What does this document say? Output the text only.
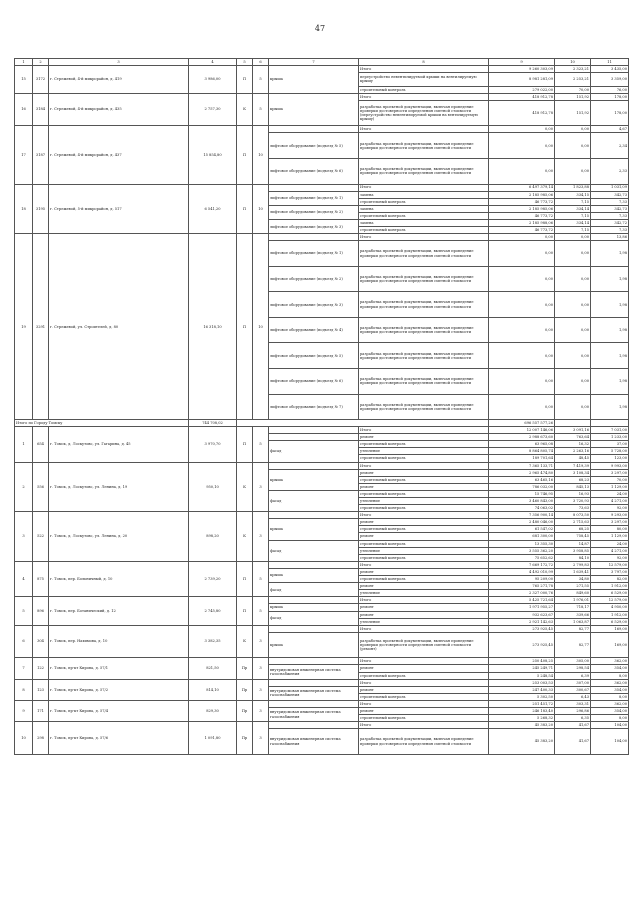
47
1	2	3	4	5	6	7	8	9	10	11
15	3172	г. Стрежевой, 4-й микрорайон, д. 419	3 986,00	П	5	крыша	Итого	9 260 303,09	2 323,21	3 435,00
							переустройство невентилируемой крыши на вентилируемую крышу	8 981 281,09	2 253,21	3 359,00
							строительный контроль	279 022,00	70,00	76,00
16	3184	г. Стрежевой, 4-й микрорайон, д. 435	2 757,30	К	5	крыша	Итого	418 912,78	151,92	178,00
							разработка проектной документации, включая проведение проверки достоверности определения сметной стоимости (переустройство невентилируемой крыши на вентилируемую крышу)	418 912,78	151,92	178,00
17	3187	г. Стрежевой, 4-й микрорайон, д. 437	15 854,80	П	10		Итого	0,00	0,00	4,67
						лифтовое оборудование (подъезд № 5)	разработка проектной документации, включая проведение проверки достоверности определения сметной стоимости	0,00	0,00	2,34
						лифтовое оборудование (подъезд № 6)	разработка проектной документации, включая проведение проверки достоверности определения сметной стоимости	0,00	0,00	2,33
18	3195	г. Стрежевой, 5-й микрорайон, д. 517	6 541,20	П	10		Итого	6 497 379,14	1 823,88	1 031,09
						лифтовое оборудование (подъезд № 1)	замена	2 185 985,06	334,15	342,73
							строительный контроль	46 773,72	7,15	7,33
						лифтовое оборудование (подъезд № 2)	замена	2 185 985,06	334,14	342,73
							строительный контроль	46 773,72	7,15	7,33
						лифтовое оборудование (подъезд № 3)	замена	2 185 988,06	334,14	342,72
							строительный контроль	46 773,72	7,15	7,33
19	3291	г. Стрежевой, ул. Строителей, д. 80	16 318,10	П	10		Итого	0,00	0,00	13,86
						лифтовое оборудование (подъезд № 1)	разработка проектной документации, включая проведение проверки достоверности определения сметной стоимости	0,00	0,00	1,98
						лифтовое оборудование (подъезд № 2)	разработка проектной документации, включая проведение проверки достоверности определения сметной стоимости	0,00	0,00	1,98
						лифтовое оборудование (подъезд № 3)	разработка проектной документации, включая проведение проверки достоверности определения сметной стоимости	0,00	0,00	1,98
						лифтовое оборудование (подъезд № 4)	разработка проектной документации, включая проведение проверки достоверности определения сметной стоимости	0,00	0,00	1,98
						лифтовое оборудование (подъезд № 5)	разработка проектной документации, включая проведение проверки достоверности определения сметной стоимости	0,00	0,00	1,98
						лифтовое оборудование (подъезд № 6)	разработка проектной документации, включая проведение проверки достоверности определения сметной стоимости	0,00	0,00	1,98
						лифтовое оборудование (подъезд № 7)	разработка проектной документации, включая проведение проверки достоверности определения сметной стоимости	0,00	0,00	1,98
Итого по Городу Томску			744 708,02					696 557 577,26		
1	654	г. Томск, д. Лоскутово, ул. Гагарина, д. 45	3 970,70	П	5		Итого	12 007 146,06	3 091,16	7 031,00
							ремонт	2 988 673,60	763,64	1 233,00
						фасад	строительный контроль	63 965,08	16,32	37,00
							утепление	8 864 805,74	2 263,16	5 728,00
							строительный контроль	189 701,64	48,45	123,00
2	556	г. Томск, д. Лоскутово, ул. Ленина, д. 19	950,10	К	3		Итого	7 365 133,71	7 419,39	9 993,00
						крыша	ремонт	2 965 474,80	3 108,34	3 297,00
							строительный контроль	63 465,16	68,23	70,00
							ремонт	786 032,00	845,13	1 129,00
						фасад	строительный контроль	15 746,95	16,93	24,00
							утепление	3 460 843,00	3 720,93	4 271,00
							строительный контроль	74 063,02	73,63	92,00
3	522	г. Томск, д. Лоскутово, ул. Ленина, д. 20	898,20	К	3		Итого	7 356 900,14	8 073,50	9 293,00
						крыша	ремонт	2 480 046,00	2 715,63	3 297,00
							строительный контроль	61 547,02	68,25	80,00
							ремонт	681 300,00	758,45	1 129,00
						фасад	строительный контроль	13 355,30	14,87	24,00
							утепление	3 555 362,20	3 958,85	4 271,00
							строительный контроль	75 652,62	84,10	92,00
4	875	г. Томск, пер. Больничный, д. 10	2 739,20	П	5		Итого	7 669 172,72	2 799,83	12 579,00
						крыша	ремонт	4 492 010,99	1 639,41	3 797,00
							строительный контроль	95 209,00	34,80	82,00
						фасад	ремонт	765 271,78	271,55	1 912,00
							утепление	2 327 000,76	849,60	6 529,00
5	896	г. Томск, пер. Ботанический, д. 12	2 745,80	П	5		Итого	5 425 721,64	1 976,01	12 579,00
						крыша	ремонт	1 971 955,27	718,17	4 950,00
						фасад	ремонт	932 623,67	339,66	1 912,00
							утепление	2 921 142,63	1 063,87	6 529,00
6	304	г. Томск, пер. Нахимова, д. 10	3 382,35	К	3		Итого	273 925,45	82,77	169,00
						крыша	разработка проектной документации, включая проведение проверки достоверности определения сметной стоимости (ремонт)	273 925,45	82,77	169,00
7	122	г. Томск, пр-кт Кирова, д. 57/1	821,50	Пр	3		Итого	250 408,25	305,00	362,00
						внутридомовая инженерная система газоснабжения	ремонт	245 249,71	298,54	354,00
							строительный контроль	5 248,54	6,39	8,00
8	123	г. Томск, пр-кт Кирова, д. 57/2	814,10	Пр	3		Итого	253 003,53	307,00	362,00
						внутридомовая инженерная система газоснабжения	ремонт	247 400,33	300,67	354,00
							строительный контроль	5 302,50	6,43	8,00
9	171	г. Томск, пр-кт Кирова, д. 57/4	829,30	Пр	3		Итого	251 451,72	303,31	362,00
						внутридомовая инженерная система газоснабжения	ремонт	246 183,40	296,86	354,00
							строительный контроль	5 268,32	6,35	8,00
10	298	г. Томск, пр-кт Кирова, д. 57/6	1 091,80	Пр	3		Итого	45 383,20	41,67	104,00
						внутридомовая инженерная система газоснабжения	разработка проектной документации, включая проведение проверки достоверности определения сметной стоимости	45 383,20	41,67	104,00
